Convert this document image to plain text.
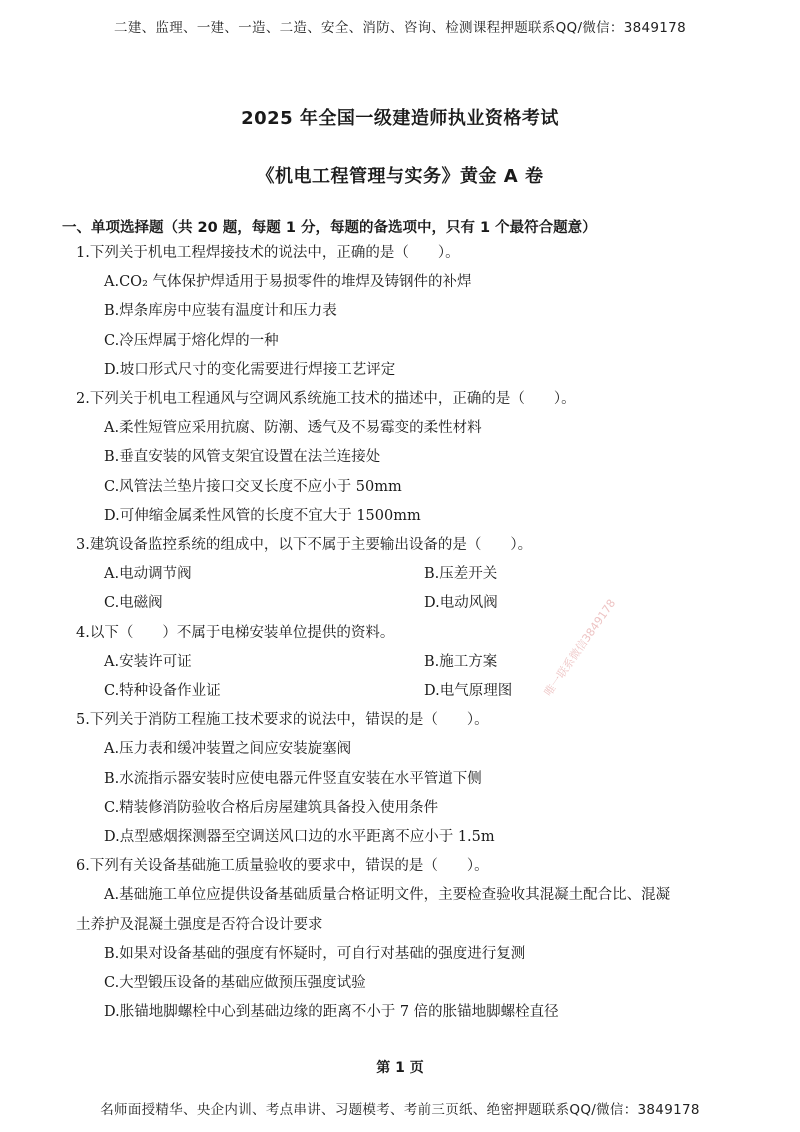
二建、监理、一建、一造、二造、安全、消防、咨询、检测课程押题联系QQ/微信：3849178
2025 年全国一级建造师执业资格考试
《机电工程管理与实务》黄金 A 卷
一、单项选择题（共 20 题，每题 1 分，每题的备选项中，只有 1 个最符合题意）
1.下列关于机电工程焊接技术的说法中，正确的是（　　）。
A.CO₂ 气体保护焊适用于易损零件的堆焊及铸钢件的补焊
B.焊条库房中应装有温度计和压力表
C.冷压焊属于熔化焊的一种
D.坡口形式尺寸的变化需要进行焊接工艺评定
2.下列关于机电工程通风与空调风系统施工技术的描述中，正确的是（　　）。
A.柔性短管应采用抗腐、防潮、透气及不易霉变的柔性材料
B.垂直安装的风管支架宜设置在法兰连接处
C.风管法兰垫片接口交叉长度不应小于 50mm
D.可伸缩金属柔性风管的长度不宜大于 1500mm
3.建筑设备监控系统的组成中，以下不属于主要输出设备的是（　　）。
A.电动调节阀	B.压差开关
C.电磁阀	D.电动风阀
4.以下（　　）不属于电梯安装单位提供的资料。
A.安装许可证	B.施工方案
C.特种设备作业证	D.电气原理图
5.下列关于消防工程施工技术要求的说法中，错误的是（　　）。
A.压力表和缓冲装置之间应安装旋塞阀
B.水流指示器安装时应使电器元件竖直安装在水平管道下侧
C.精装修消防验收合格后房屋建筑具备投入使用条件
D.点型感烟探测器至空调送风口边的水平距离不应小于 1.5m
6.下列有关设备基础施工质量验收的要求中，错误的是（　　）。
A.基础施工单位应提供设备基础质量合格证明文件，主要检查验收其混凝土配合比、混凝
土养护及混凝土强度是否符合设计要求
B.如果对设备基础的强度有怀疑时，可自行对基础的强度进行复测
C.大型锻压设备的基础应做预压强度试验
D.胀锚地脚螺栓中心到基础边缘的距离不小于 7 倍的胀锚地脚螺栓直径
唯一联系微信3849178
第 1 页
名师面授精华、央企内训、考点串讲、习题模考、考前三页纸、绝密押题联系QQ/微信：3849178
